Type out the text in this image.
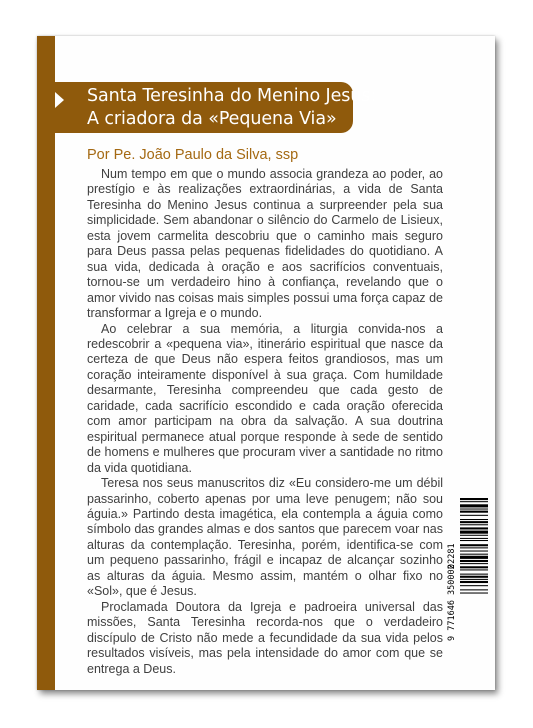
Santa Teresinha do Menino Jesus:
A criadora da «Pequena Via»
Por Pe. João Paulo da Silva, ssp

Num tempo em que o mundo associa grandeza ao poder, ao prestígio e às realizações extraordinárias, a vida de Santa Teresinha do Menino Jesus continua a surpreender pela sua simplicidade. Sem abandonar o silêncio do Carmelo de Lisieux, esta jovem carmelita descobriu que o caminho mais seguro para Deus passa pelas pequenas fidelidades do quotidiano. A sua vida, dedicada à oração e aos sacrifícios conventuais, tornou-se um verdadeiro hino à confiança, revelando que o amor vivido nas coisas mais simples possui uma força capaz de transformar a Igreja e o mundo.

Ao celebrar a sua memória, a liturgia convida-nos a redescobrir a «pequena via», itinerário espiritual que nasce da certeza de que Deus não espera feitos grandiosos, mas um coração inteiramente disponível à sua graça. Com humildade desarmante, Teresinha compreendeu que cada gesto de caridade, cada sacrifício escondido e cada oração oferecida com amor participam na obra da salvação. A sua doutrina espiritual permanece atual porque responde à sede de sentido de homens e mulheres que procuram viver a santidade no ritmo da vida quotidiana.

Teresa nos seus manuscritos diz «Eu considero-me um débil passarinho, coberto apenas por uma leve penugem; não sou águia.» Partindo desta imagética, ela contempla a águia como símbolo das grandes almas e dos santos que parecem voar nas alturas da contemplação. Teresinha, porém, identifica-se com um pequeno passarinho, frágil e incapaz de alcançar sozinho as alturas da águia. Mesmo assim, mantém o olhar fixo no «Sol», que é Jesus.

Proclamada Doutora da Igreja e padroeira universal das missões, Santa Teresinha recorda-nos que o verdadeiro discípulo de Cristo não mede a fecundidade da sua vida pelos resultados visíveis, mas pela intensidade do amor com que se entrega a Deus.

02281
9 771646 350002
